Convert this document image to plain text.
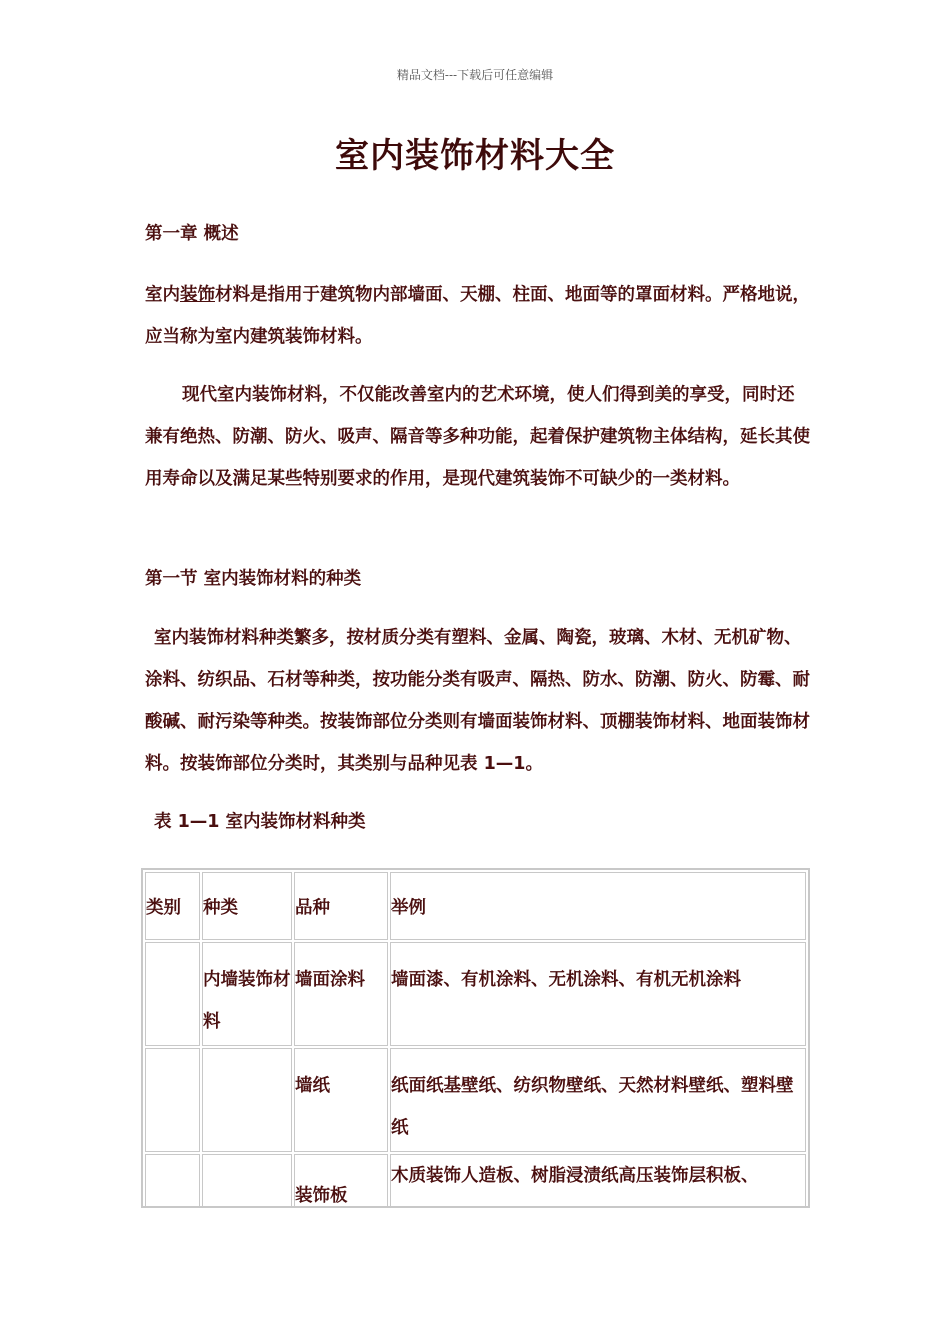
精品文档---下载后可任意编辑
室内装饰材料大全
第一章 概述
室内装饰材料是指用于建筑物内部墙面、天棚、柱面、地面等的罩面材料。严格地说，应当称为室内建筑装饰材料。
现代室内装饰材料，不仅能改善室内的艺术环境，使人们得到美的享受，同时还兼有绝热、防潮、防火、吸声、隔音等多种功能，起着保护建筑物主体结构，延长其使用寿命以及满足某些特别要求的作用，是现代建筑装饰不可缺少的一类材料。
第一节 室内装饰材料的种类
室内装饰材料种类繁多，按材质分类有塑料、金属、陶瓷，玻璃、木材、无机矿物、涂料、纺织品、石材等种类，按功能分类有吸声、隔热、防水、防潮、防火、防霉、耐酸碱、耐污染等种类。按装饰部位分类则有墙面装饰材料、顶棚装饰材料、地面装饰材料。按装饰部位分类时，其类别与品种见表 1—1。
表 1—1 室内装饰材料种类
类别	种类	品种	举例
	内墙装饰材料	墙面涂料	墙面漆、有机涂料、无机涂料、有机无机涂料
		墙纸	纸面纸基壁纸、纺织物壁纸、天然材料壁纸、塑料壁纸
		装饰板	木质装饰人造板、树脂浸渍纸高压装饰层积板、
